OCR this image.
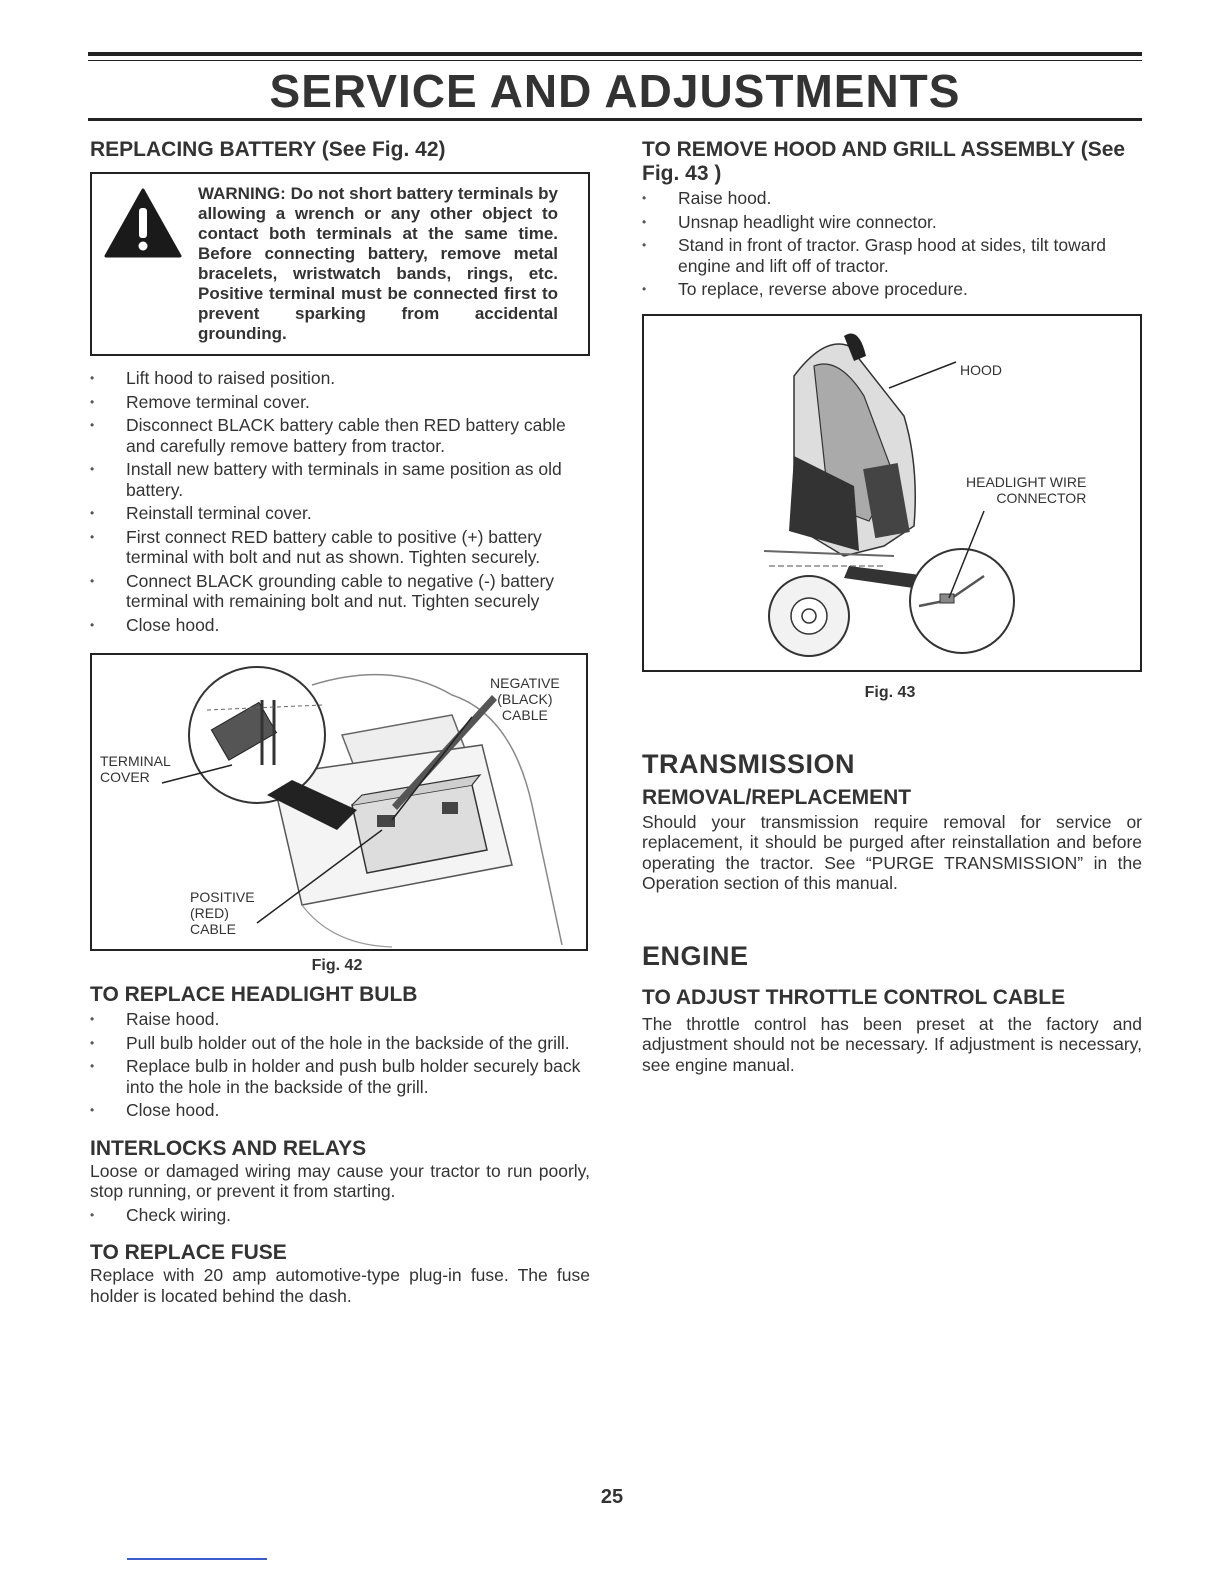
SERVICE AND ADJUSTMENTS
REPLACING BATTERY (See Fig. 42)
WARNING: Do not short battery terminals by allowing a wrench or any other object to contact both terminals at the same time. Before connecting battery, remove metal bracelets, wristwatch bands, rings, etc. Positive terminal must be connected first to prevent sparking from accidental grounding.
• Lift hood to raised position.
• Remove terminal cover.
• Disconnect BLACK battery cable then RED battery cable and carefully remove battery from tractor.
• Install new battery with terminals in same position as old battery.
• Reinstall terminal cover.
• First connect RED battery cable to positive (+) battery terminal with bolt and nut as shown. Tighten securely.
• Connect BLACK grounding cable to negative (-) battery terminal with remaining bolt and nut. Tighten securely
• Close hood.
NEGATIVE
(BLACK)
CABLE
TERMINAL
COVER
POSITIVE
(RED)
CABLE
Fig. 42
TO REPLACE HEADLIGHT BULB
• Raise hood.
• Pull bulb holder out of the hole in the backside of the grill.
• Replace bulb in holder and push bulb holder securely back into the hole in the backside of the grill.
• Close hood.
INTERLOCKS AND RELAYS

Loose or damaged wiring may cause your tractor to run poorly, stop running, or prevent it from starting.

• Check wiring.
TO REPLACE FUSE

Replace with 20 amp automotive-type plug-in fuse. The fuse holder is located behind the dash.

TO REMOVE HOOD AND GRILL ASSEMBLY (See Fig. 43 )
• Raise hood.
• Unsnap headlight wire connector.
• Stand in front of tractor. Grasp hood at sides, tilt toward engine and lift off of tractor.
• To replace, reverse above procedure.
HOOD
HEADLIGHT WIRE
CONNECTOR
Fig. 43
TRANSMISSION
REMOVAL/REPLACEMENT

Should your transmission require removal for service or replacement, it should be purged after reinstallation and before operating the tractor. See “PURGE TRANSMISSION” in the Operation section of this manual.

ENGINE
TO ADJUST THROTTLE CONTROL CABLE

The throttle control has been preset at the factory and adjustment should not be necessary. If adjustment is necessary, see engine manual.

25
